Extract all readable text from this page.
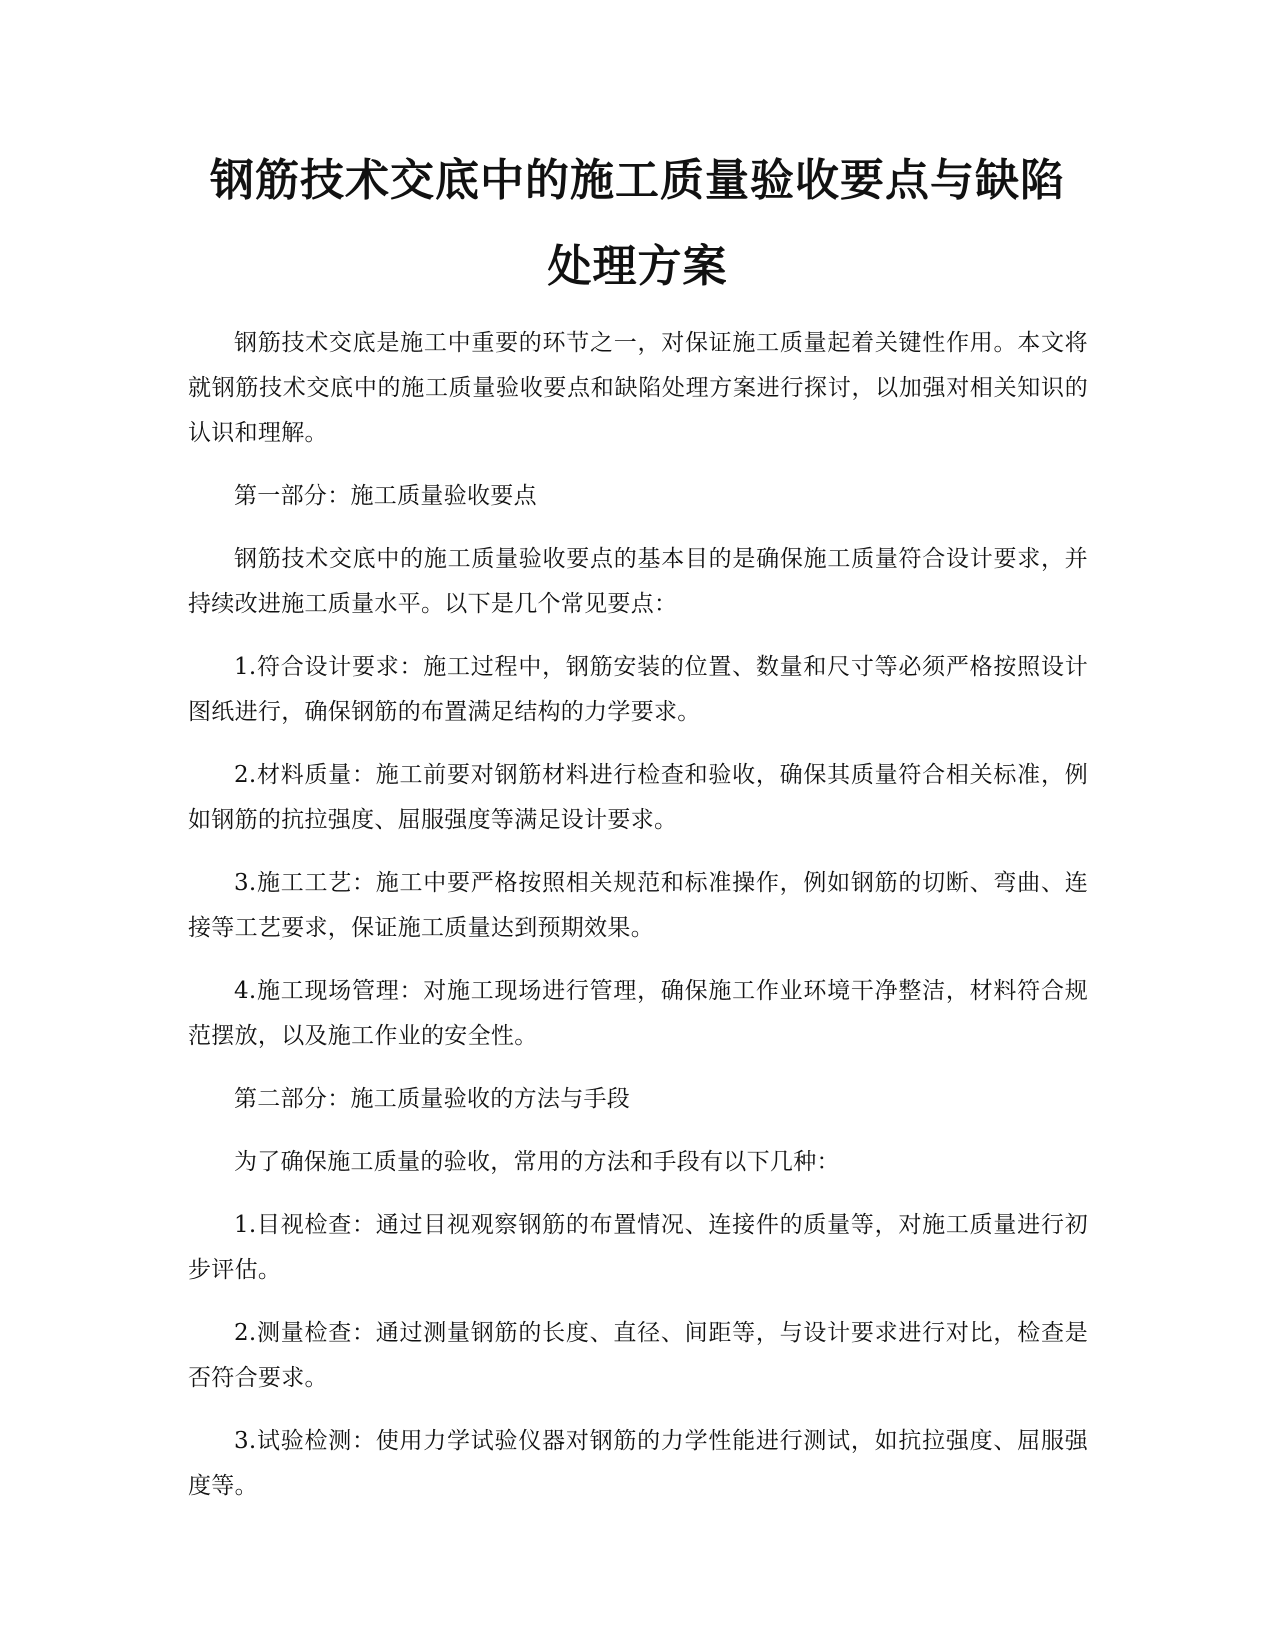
钢筋技术交底中的施工质量验收要点与缺陷
处理方案

钢筋技术交底是施工中重要的环节之一，对保证施工质量起着关键性作用。本文将就钢筋技术交底中的施工质量验收要点和缺陷处理方案进行探讨，以加强对相关知识的认识和理解。

第一部分：施工质量验收要点

钢筋技术交底中的施工质量验收要点的基本目的是确保施工质量符合设计要求，并持续改进施工质量水平。以下是几个常见要点：

1.符合设计要求：施工过程中，钢筋安装的位置、数量和尺寸等必须严格按照设计图纸进行，确保钢筋的布置满足结构的力学要求。

2.材料质量：施工前要对钢筋材料进行检查和验收，确保其质量符合相关标准，例如钢筋的抗拉强度、屈服强度等满足设计要求。

3.施工工艺：施工中要严格按照相关规范和标准操作，例如钢筋的切断、弯曲、连接等工艺要求，保证施工质量达到预期效果。

4.施工现场管理：对施工现场进行管理，确保施工作业环境干净整洁，材料符合规范摆放，以及施工作业的安全性。

第二部分：施工质量验收的方法与手段

为了确保施工质量的验收，常用的方法和手段有以下几种：

1.目视检查：通过目视观察钢筋的布置情况、连接件的质量等，对施工质量进行初步评估。

2.测量检查：通过测量钢筋的长度、直径、间距等，与设计要求进行对比，检查是否符合要求。

3.试验检测：使用力学试验仪器对钢筋的力学性能进行测试，如抗拉强度、屈服强度等。
